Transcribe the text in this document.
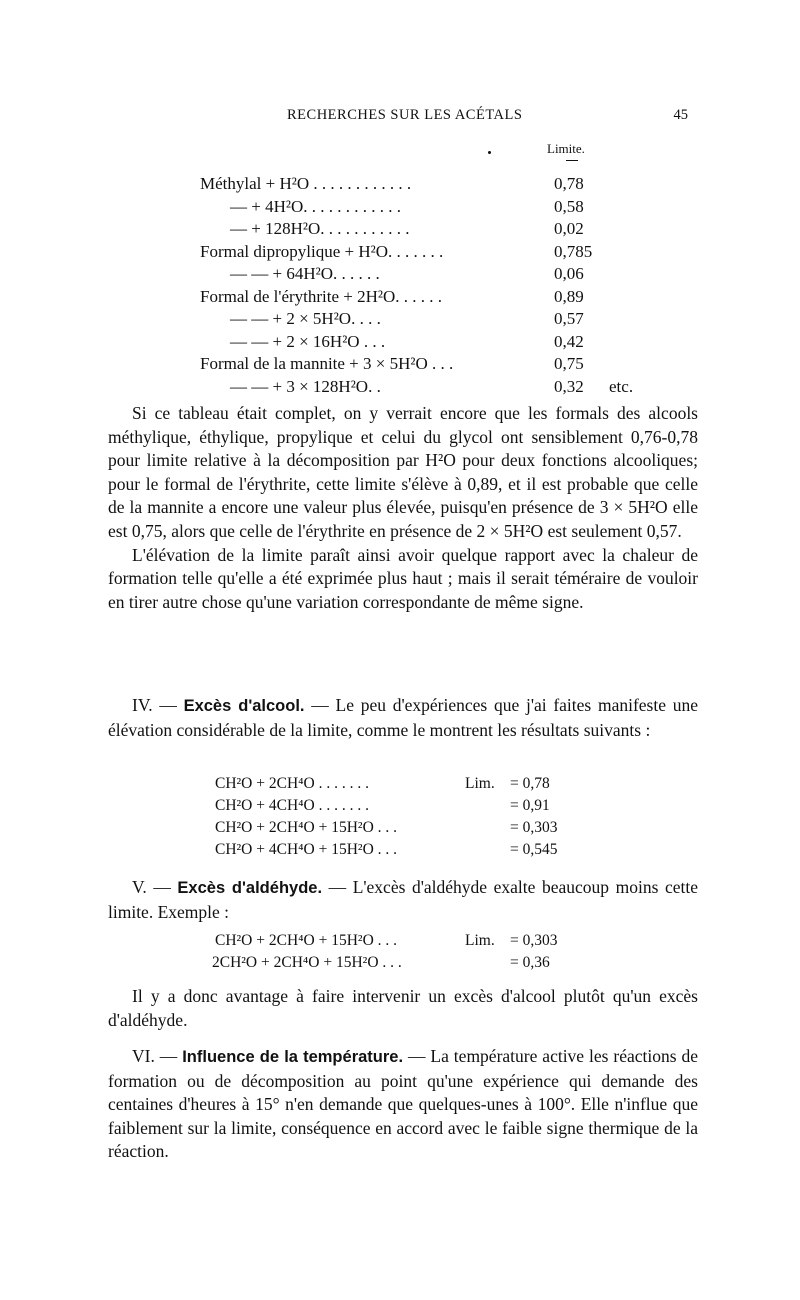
RECHERCHES SUR LES ACÉTALS	45
Limite.
Méthylal + H²O . . . . . . . . . . . .	0,78
— + 4H²O. . . . . . . . . . . .	0,58
— + 128H²O. . . . . . . . . . .	0,02
Formal dipropylique + H²O. . . . . . .	0,785
— — + 64H²O. . . . . .	0,06
Formal de l'érythrite + 2H²O. . . . . .	0,89
— — + 2 × 5H²O. . . .	0,57
— — + 2 × 16H²O . . .	0,42
Formal de la mannite + 3 × 5H²O . . .	0,75
— — + 3 × 128H²O. .	0,32 etc.

Si ce tableau était complet, on y verrait encore que les formals des alcools méthylique, éthylique, propylique et celui du glycol ont sensiblement 0,76-0,78 pour limite relative à la décomposition par H²O pour deux fonctions alcooliques; pour le formal de l'érythrite, cette limite s'élève à 0,89, et il est probable que celle de la mannite a encore une valeur plus élevée, puisqu'en présence de 3 × 5H²O elle est 0,75, alors que celle de l'érythrite en présence de 2 × 5H²O est seulement 0,57.

L'élévation de la limite paraît ainsi avoir quelque rapport avec la chaleur de formation telle qu'elle a été exprimée plus haut ; mais il serait téméraire de vouloir en tirer autre chose qu'une variation correspondante de même signe.

IV. — Excès d'alcool. — Le peu d'expériences que j'ai faites manifeste une élévation considérable de la limite, comme le montrent les résultats suivants :
CH²O + 2CH⁴O . . . . . . .	Lim. = 0,78
CH²O + 4CH⁴O . . . . . . .	= 0,91
CH²O + 2CH⁴O + 15H²O . . .	= 0,303
CH²O + 4CH⁴O + 15H²O . . .	= 0,545
V. — Excès d'aldéhyde. — L'excès d'aldéhyde exalte beaucoup moins cette limite. Exemple :
CH²O + 2CH⁴O + 15H²O . . .	Lim. = 0,303
2CH²O + 2CH⁴O + 15H²O . . .	= 0,36

Il y a donc avantage à faire intervenir un excès d'alcool plutôt qu'un excès d'aldéhyde.

VI. — Influence de la température. — La température active les réactions de formation ou de décomposition au point qu'une expérience qui demande des centaines d'heures à 15° n'en demande que quelques-unes à 100°. Elle n'influe que faiblement sur la limite, conséquence en accord avec le faible signe thermique de la réaction.
